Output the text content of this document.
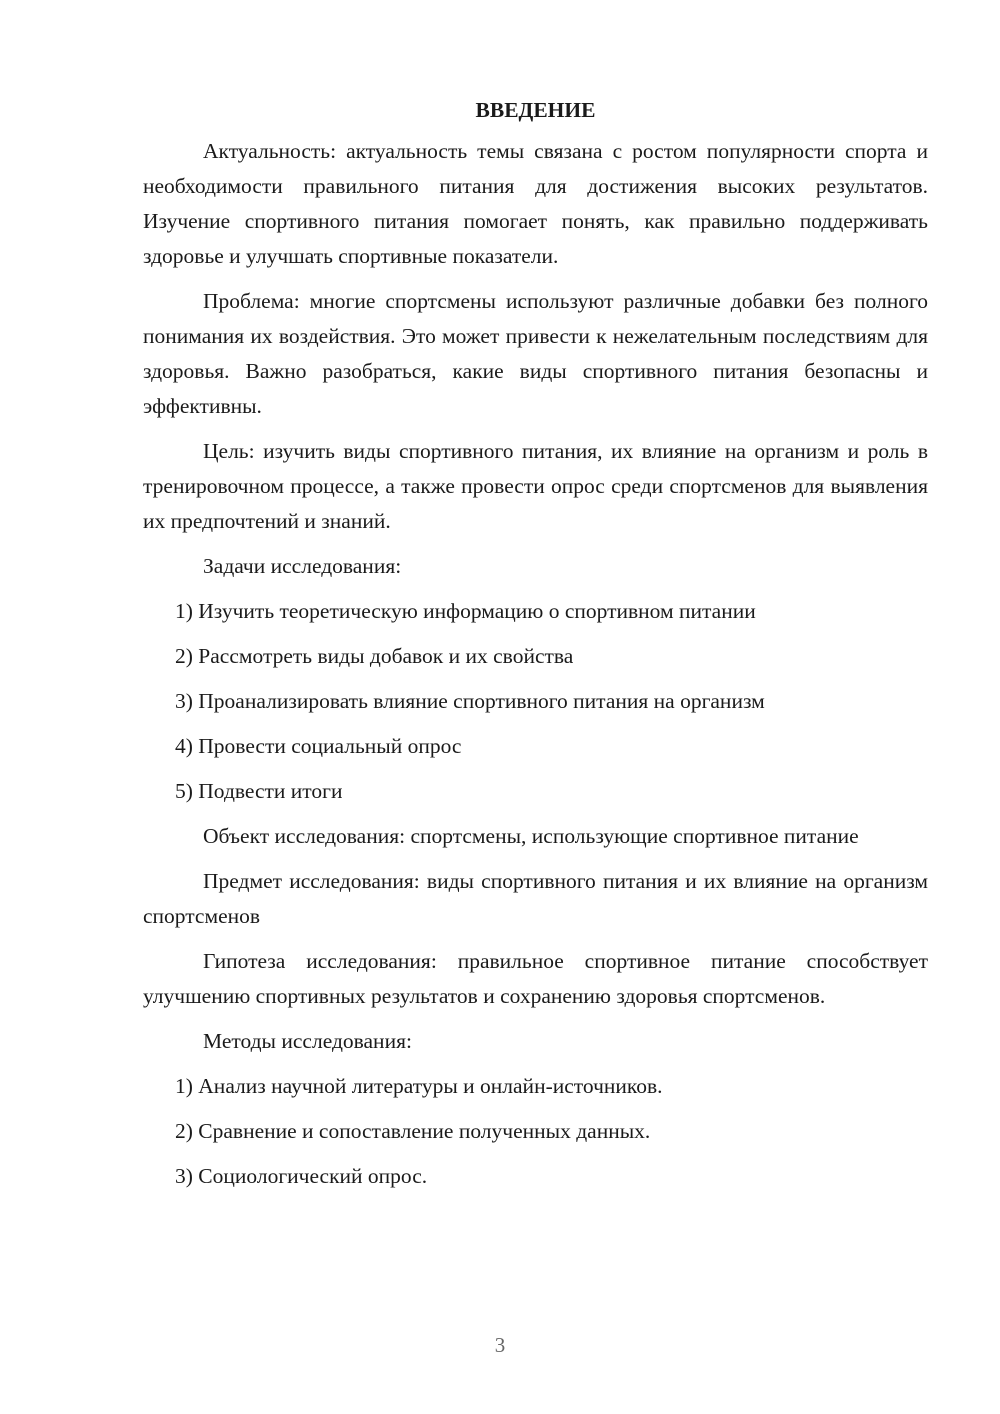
ВВЕДЕНИЕ

Актуальность: актуальность темы связана с ростом популярности спорта и необходимости правильного питания для достижения высоких результатов. Изучение спортивного питания помогает понять, как правильно поддерживать здоровье и улучшать спортивные показатели.

Проблема: многие спортсмены используют различные добавки без полного понимания их воздействия. Это может привести к нежелательным последствиям для здоровья. Важно разобраться, какие виды спортивного питания безопасны и эффективны.

Цель: изучить виды спортивного питания, их влияние на организм и роль в тренировочном процессе, а также провести опрос среди спортсменов для выявления их предпочтений и знаний.

Задачи исследования:

1) Изучить теоретическую информацию о спортивном питании

2) Рассмотреть виды добавок и их свойства

3) Проанализировать влияние спортивного питания на организм

4) Провести социальный опрос

5) Подвести итоги

Объект исследования: спортсмены, использующие спортивное питание

Предмет исследования: виды спортивного питания и их влияние на организм спортсменов

Гипотеза исследования: правильное спортивное питание способствует улучшению спортивных результатов и сохранению здоровья спортсменов.

Методы исследования:

1) Анализ научной литературы и онлайн-источников.

2) Сравнение и сопоставление полученных данных.

3) Социологический опрос.

3
